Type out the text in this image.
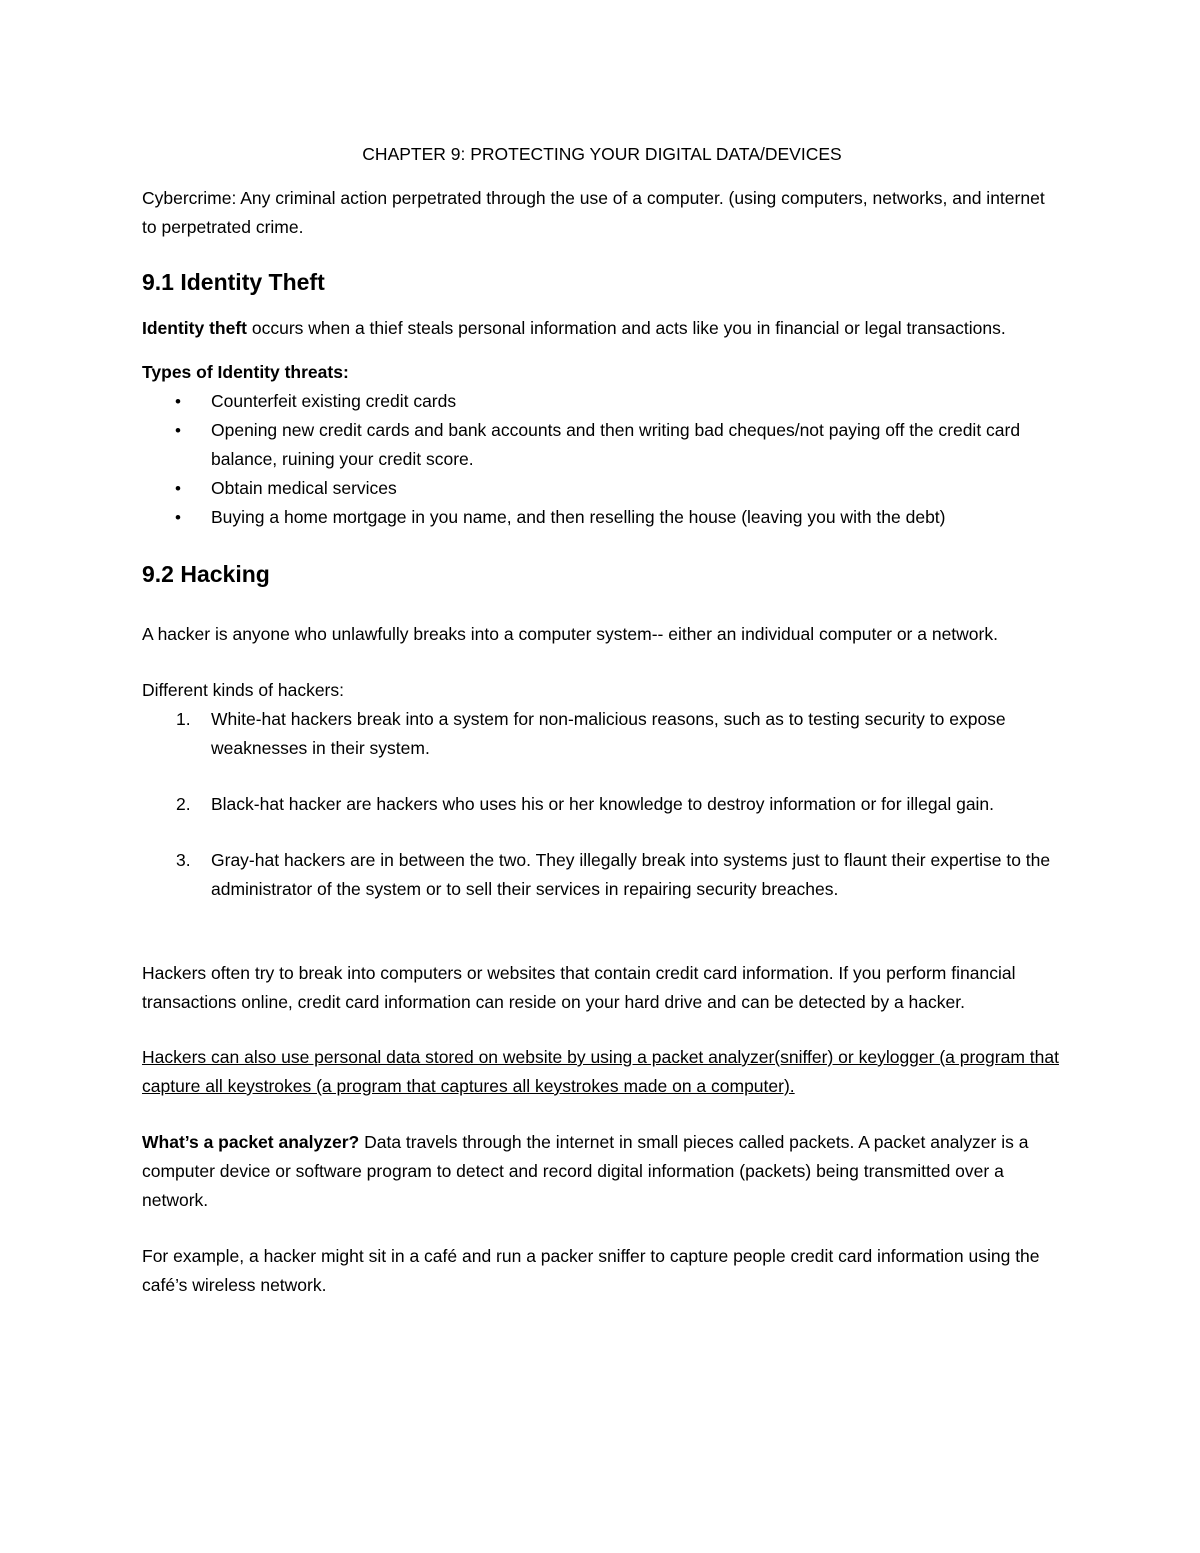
CHAPTER 9: PROTECTING YOUR DIGITAL DATA/DEVICES

Cybercrime: Any criminal action perpetrated through the use of a computer. (using computers, networks, and internet to perpetrated crime.

9.1 Identity Theft

Identity theft occurs when a thief steals personal information and acts like you in financial or legal transactions.

Types of Identity threats:

• Counterfeit existing credit cards
• Opening new credit cards and bank accounts and then writing bad cheques/not paying off the credit card balance, ruining your credit score.
• Obtain medical services
• Buying a home mortgage in you name, and then reselling the house (leaving you with the debt)

9.2 Hacking

A hacker is anyone who unlawfully breaks into a computer system-- either an individual computer or a network.

Different kinds of hackers:

1. White-hat hackers break into a system for non-malicious reasons, such as to testing security to expose weaknesses in their system.
2. Black-hat hacker are hackers who uses his or her knowledge to destroy information or for illegal gain.
3. Gray-hat hackers are in between the two. They illegally break into systems just to flaunt their expertise to the administrator of the system or to sell their services in repairing security breaches.

Hackers often try to break into computers or websites that contain credit card information. If you perform financial transactions online, credit card information can reside on your hard drive and can be detected by a hacker.

Hackers can also use personal data stored on website by using a packet analyzer(sniffer) or keylogger (a program that capture all keystrokes (a program that captures all keystrokes made on a computer).

What’s a packet analyzer? Data travels through the internet in small pieces called packets. A packet analyzer is a computer device or software program to detect and record digital information (packets) being transmitted over a network.

For example, a hacker might sit in a café and run a packer sniffer to capture people credit card information using the café’s wireless network.
